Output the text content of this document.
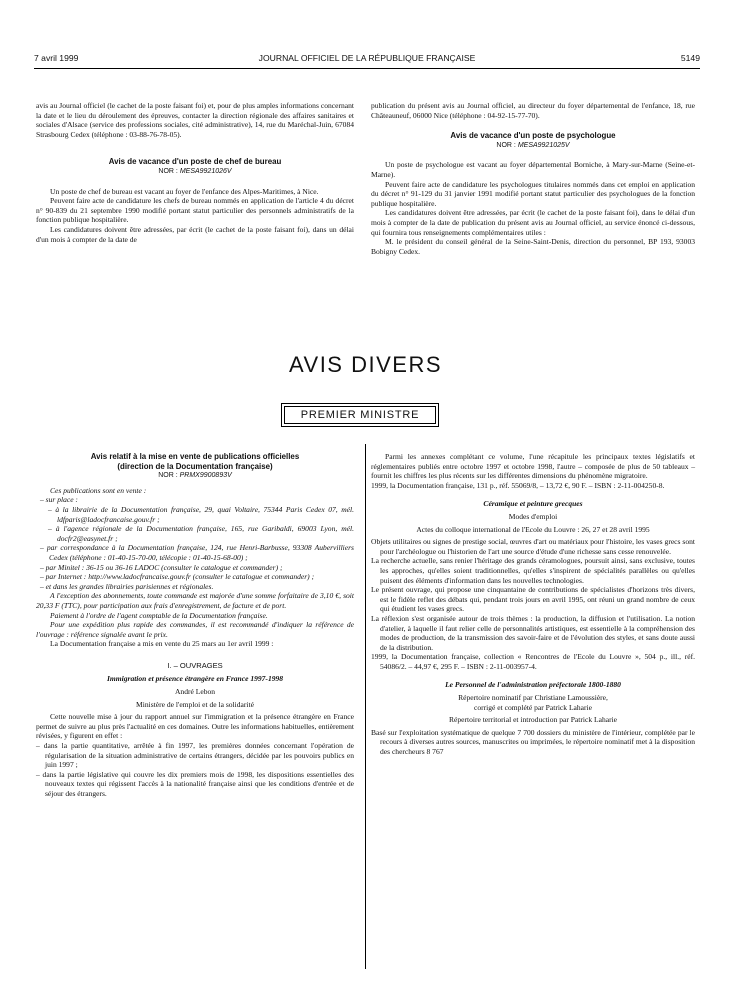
7 avril 1999	JOURNAL OFFICIEL DE LA RÉPUBLIQUE FRANÇAISE	5149

avis au Journal officiel (le cachet de la poste faisant foi) et, pour de plus amples informations concernant la date et le lieu du déroulement des épreuves, contacter la direction régionale des affaires sanitaires et sociales d'Alsace (service des professions sociales, cité administrative), 14, rue du Maréchal-Juin, 67084 Strasbourg Cedex (téléphone : 03-88-76-78-05).

Avis de vacance d'un poste de chef de bureau

NOR : MESA9921026V

Un poste de chef de bureau est vacant au foyer de l'enfance des Alpes-Maritimes, à Nice.

Peuvent faire acte de candidature les chefs de bureau nommés en application de l'article 4 du décret n° 90-839 du 21 septembre 1990 modifié portant statut particulier des personnels administratifs de la fonction publique hospitalière.

Les candidatures doivent être adressées, par écrit (le cachet de la poste faisant foi), dans un délai d'un mois à compter de la date de

publication du présent avis au Journal officiel, au directeur du foyer départemental de l'enfance, 18, rue Châteauneuf, 06000 Nice (téléphone : 04-92-15-77-70).

Avis de vacance d'un poste de psychologue

NOR : MESA9921025V

Un poste de psychologue est vacant au foyer départemental Borniche, à Mary-sur-Marne (Seine-et-Marne).

Peuvent faire acte de candidature les psychologues titulaires nommés dans cet emploi en application du décret n° 91-129 du 31 janvier 1991 modifié portant statut particulier des psychologues de la fonction publique hospitalière.

Les candidatures doivent être adressées, par écrit (le cachet de la poste faisant foi), dans le délai d'un mois à compter de la date de publication du présent avis au Journal officiel, au service énoncé ci-dessous, qui fournira tous renseignements complémentaires utiles :

M. le président du conseil général de la Seine-Saint-Denis, direction du personnel, BP 193, 93003 Bobigny Cedex.

AVIS DIVERS
PREMIER MINISTRE

Avis relatif à la mise en vente de publications officielles

(direction de la Documentation française)

NOR : PRMX9900893V

Ces publications sont en vente :

– sur place :

– à la librairie de la Documentation française, 29, quai Voltaire, 75344 Paris Cedex 07, mél. ldfparis@ladocfrancaise.gouv.fr ;

– à l'agence régionale de la Documentation française, 165, rue Garibaldi, 69003 Lyon, mél. docfr2@easynet.fr ;

– par correspondance à la Documentation française, 124, rue Henri-Barbusse, 93308 Aubervilliers Cedex (téléphone : 01-40-15-70-00, télécopie : 01-40-15-68-00) ;

– par Minitel : 36-15 ou 36-16 LADOC (consulter le catalogue et commander) ;

– par Internet : http://www.ladocfrancaise.gouv.fr (consulter le catalogue et commander) ;

– et dans les grandes librairies parisiennes et régionales.

A l'exception des abonnements, toute commande est majorée d'une somme forfaitaire de 3,10 €, soit 20,33 F (TTC), pour participation aux frais d'enregistrement, de facture et de port.

Paiement à l'ordre de l'agent comptable de la Documentation française.

Pour une expédition plus rapide des commandes, il est recommandé d'indiquer la référence de l'ouvrage : référence signalée avant le prix.

La Documentation française a mis en vente du 25 mars au 1er avril 1999 :

I. – OUVRAGES

Immigration et présence étrangère en France 1997-1998

André Lebon

Ministère de l'emploi et de la solidarité

Cette nouvelle mise à jour du rapport annuel sur l'immigration et la présence étrangère en France permet de suivre au plus près l'actualité en ces domaines. Outre les informations habituelles, entièrement révisées, y figurent en effet :

– dans la partie quantitative, arrêtée à fin 1997, les premières données concernant l'opération de régularisation de la situation administrative de certains étrangers, décidée par les pouvoirs publics en juin 1997 ;

– dans la partie législative qui couvre les dix premiers mois de 1998, les dispositions essentielles des nouveaux textes qui régissent l'accès à la nationalité française ainsi que les conditions d'entrée et de séjour des étrangers.

Parmi les annexes complétant ce volume, l'une récapitule les principaux textes législatifs et réglementaires publiés entre octobre 1997 et octobre 1998, l'autre – composée de plus de 50 tableaux – fournit les chiffres les plus récents sur les différentes dimensions du phénomène migratoire.

1999, la Documentation française, 131 p., réf. 55069/8, – 13,72 €, 90 F. – ISBN : 2-11-004250-8.

Céramique et peinture grecques

Modes d'emploi

Actes du colloque international de l'Ecole du Louvre : 26, 27 et 28 avril 1995

Objets utilitaires ou signes de prestige social, œuvres d'art ou matériaux pour l'histoire, les vases grecs sont pour l'archéologue ou l'historien de l'art une source d'étude d'une richesse sans cesse renouvelée.

La recherche actuelle, sans renier l'héritage des grands céramologues, poursuit ainsi, sans exclusive, toutes les approches, qu'elles soient traditionnelles, qu'elles s'inspirent de spécialités parallèles ou qu'elles puisent des éléments d'information dans les nouvelles technologies.

Le présent ouvrage, qui propose une cinquantaine de contributions de spécialistes d'horizons très divers, est le fidèle reflet des débats qui, pendant trois jours en avril 1995, ont réuni un grand nombre de ceux qui étudient les vases grecs.

La réflexion s'est organisée autour de trois thèmes : la production, la diffusion et l'utilisation. La notion d'atelier, à laquelle il faut relier celle de personnalités artistiques, est essentielle à la compréhension des modes de production, de la transmission des savoir-faire et de l'évolution des styles, et sans doute aussi de la distribution.

1999, la Documentation française, collection « Rencontres de l'Ecole du Louvre », 504 p., ill., réf. 54086/2. – 44,97 €, 295 F. – ISBN : 2-11-003957-4.

Le Personnel de l'administration préfectorale 1800-1880

Répertoire nominatif par Christiane Lamoussière,

corrigé et complété par Patrick Laharie

Répertoire territorial et introduction par Patrick Laharie

Basé sur l'exploitation systématique de quelque 7 700 dossiers du ministère de l'intérieur, complétée par le recours à diverses autres sources, manuscrites ou imprimées, le répertoire nominatif met à la disposition des chercheurs 8 767
